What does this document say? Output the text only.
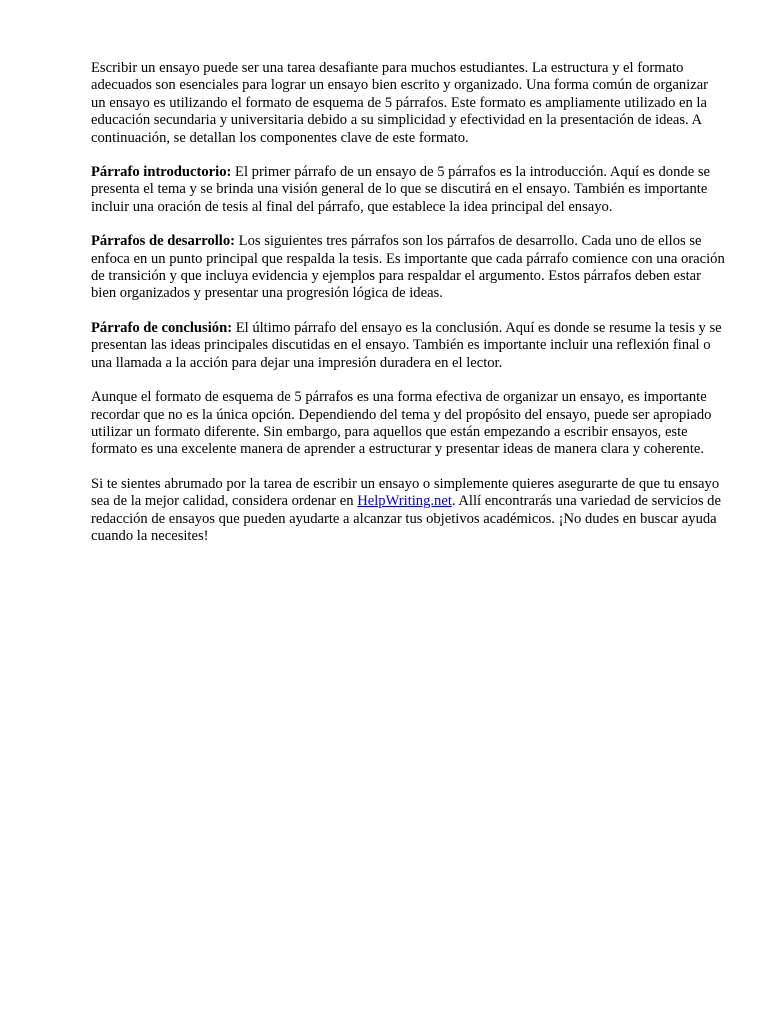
Escribir un ensayo puede ser una tarea desafiante para muchos estudiantes. La estructura y el formato adecuados son esenciales para lograr un ensayo bien escrito y organizado. Una forma común de organizar un ensayo es utilizando el formato de esquema de 5 párrafos. Este formato es ampliamente utilizado en la educación secundaria y universitaria debido a su simplicidad y efectividad en la presentación de ideas. A continuación, se detallan los componentes clave de este formato.

Párrafo introductorio: El primer párrafo de un ensayo de 5 párrafos es la introducción. Aquí es donde se presenta el tema y se brinda una visión general de lo que se discutirá en el ensayo. También es importante incluir una oración de tesis al final del párrafo, que establece la idea principal del ensayo.

Párrafos de desarrollo: Los siguientes tres párrafos son los párrafos de desarrollo. Cada uno de ellos se enfoca en un punto principal que respalda la tesis. Es importante que cada párrafo comience con una oración de transición y que incluya evidencia y ejemplos para respaldar el argumento. Estos párrafos deben estar bien organizados y presentar una progresión lógica de ideas.

Párrafo de conclusión: El último párrafo del ensayo es la conclusión. Aquí es donde se resume la tesis y se presentan las ideas principales discutidas en el ensayo. También es importante incluir una reflexión final o una llamada a la acción para dejar una impresión duradera en el lector.

Aunque el formato de esquema de 5 párrafos es una forma efectiva de organizar un ensayo, es importante recordar que no es la única opción. Dependiendo del tema y del propósito del ensayo, puede ser apropiado utilizar un formato diferente. Sin embargo, para aquellos que están empezando a escribir ensayos, este formato es una excelente manera de aprender a estructurar y presentar ideas de manera clara y coherente.

Si te sientes abrumado por la tarea de escribir un ensayo o simplemente quieres asegurarte de que tu ensayo sea de la mejor calidad, considera ordenar en HelpWriting.net. Allí encontrarás una variedad de servicios de redacción de ensayos que pueden ayudarte a alcanzar tus objetivos académicos. ¡No dudes en buscar ayuda cuando la necesites!
